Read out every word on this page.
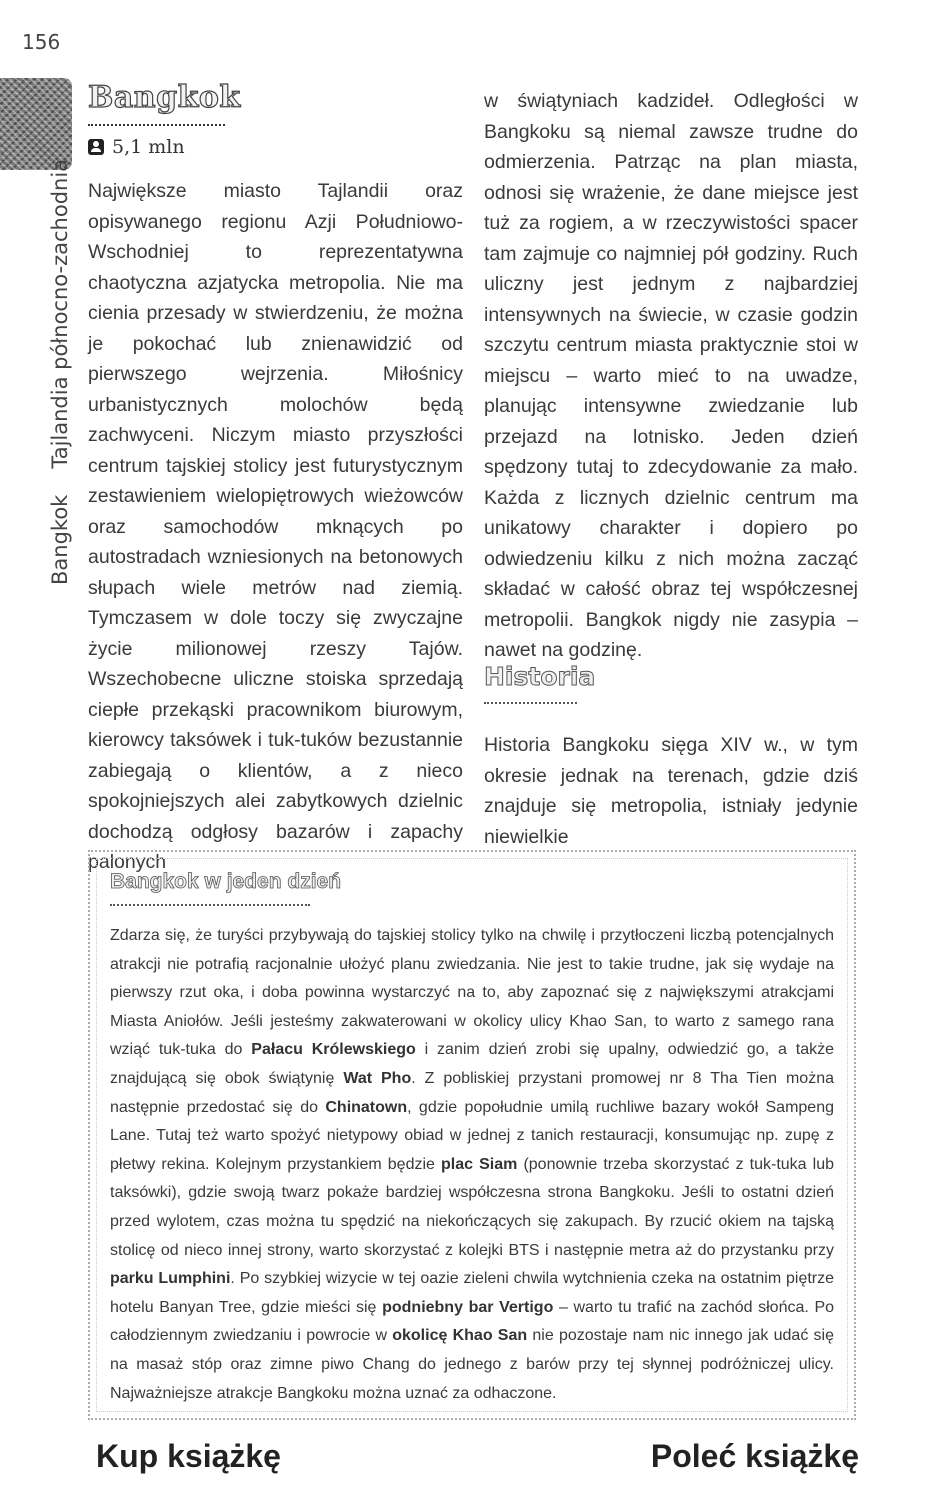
156
BangkokTajlandia północno-zachodnia
Bangkok
5,1 mln

Największe miasto Tajlandii oraz opisywanego regionu Azji Południowo-Wschodniej to reprezentatywna chaotyczna azjatycka metropolia. Nie ma cienia przesady w stwierdzeniu, że można je pokochać lub znienawidzić od pierwszego wejrzenia. Miłośnicy urbanistycznych molochów będą zachwyceni. Niczym miasto przyszłości centrum tajskiej stolicy jest futurystycznym zestawieniem wielopiętrowych wieżowców oraz samochodów mknących po autostradach wzniesionych na betonowych słupach wiele metrów nad ziemią. Tymczasem w dole toczy się zwyczajne życie milionowej rzeszy Tajów. Wszechobecne uliczne stoiska sprzedają ciepłe przekąski pracownikom biurowym, kierowcy taksówek i tuk-tuków bezustannie zabiegają o klientów, a z nieco spokojniejszych alei zabytkowych dzielnic dochodzą odgłosy bazarów i zapachy palonych

w świątyniach kadzideł. Odległości w Bangkoku są niemal zawsze trudne do odmierzenia. Patrząc na plan miasta, odnosi się wrażenie, że dane miejsce jest tuż za rogiem, a w rzeczywistości spacer tam zajmuje co najmniej pół godziny. Ruch uliczny jest jednym z najbardziej intensywnych na świecie, w czasie godzin szczytu centrum miasta praktycznie stoi w miejscu – warto mieć to na uwadze, planując intensywne zwiedzanie lub przejazd na lotnisko. Jeden dzień spędzony tutaj to zdecydowanie za mało. Każda z licznych dzielnic centrum ma unikatowy charakter i dopiero po odwiedzeniu kilku z nich można zacząć składać w całość obraz tej współczesnej metropolii. Bangkok nigdy nie zasypia – nawet na godzinę.

Historia

Historia Bangkoku sięga XIV w., w tym okresie jednak na terenach, gdzie dziś znajduje się metropolia, istniały jedynie niewielkie

Bangkok w jeden dzień

Zdarza się, że turyści przybywają do tajskiej stolicy tylko na chwilę i przytłoczeni liczbą potencjalnych atrakcji nie potrafią racjonalnie ułożyć planu zwiedzania. Nie jest to takie trudne, jak się wydaje na pierwszy rzut oka, i doba powinna wystarczyć na to, aby zapoznać się z największymi atrakcjami Miasta Aniołów. Jeśli jesteśmy zakwaterowani w okolicy ulicy Khao San, to warto z samego rana wziąć tuk-tuka do Pałacu Królewskiego i zanim dzień zrobi się upalny, odwiedzić go, a także znajdującą się obok świątynię Wat Pho. Z pobliskiej przystani promowej nr 8 Tha Tien można następnie przedostać się do Chinatown, gdzie popołudnie umilą ruchliwe bazary wokół Sampeng Lane. Tutaj też warto spożyć nietypowy obiad w jednej z tanich restauracji, konsumując np. zupę z płetwy rekina. Kolejnym przystankiem będzie plac Siam (ponownie trzeba skorzystać z tuk-tuka lub taksówki), gdzie swoją twarz pokaże bardziej współczesna strona Bangkoku. Jeśli to ostatni dzień przed wylotem, czas można tu spędzić na niekończących się zakupach. By rzucić okiem na tajską stolicę od nieco innej strony, warto skorzystać z kolejki BTS i następnie metra aż do przystanku przy parku Lumphini. Po szybkiej wizycie w tej oazie zieleni chwila wytchnienia czeka na ostatnim piętrze hotelu Banyan Tree, gdzie mieści się podniebny bar Vertigo – warto tu trafić na zachód słońca. Po całodziennym zwiedzaniu i powrocie w okolicę Khao San nie pozostaje nam nic innego jak udać się na masaż stóp oraz zimne piwo Chang do jednego z barów przy tej słynnej podróżniczej ulicy. Najważniejsze atrakcje Bangkoku można uznać za odhaczone.

Kup książkę	Poleć książkę
